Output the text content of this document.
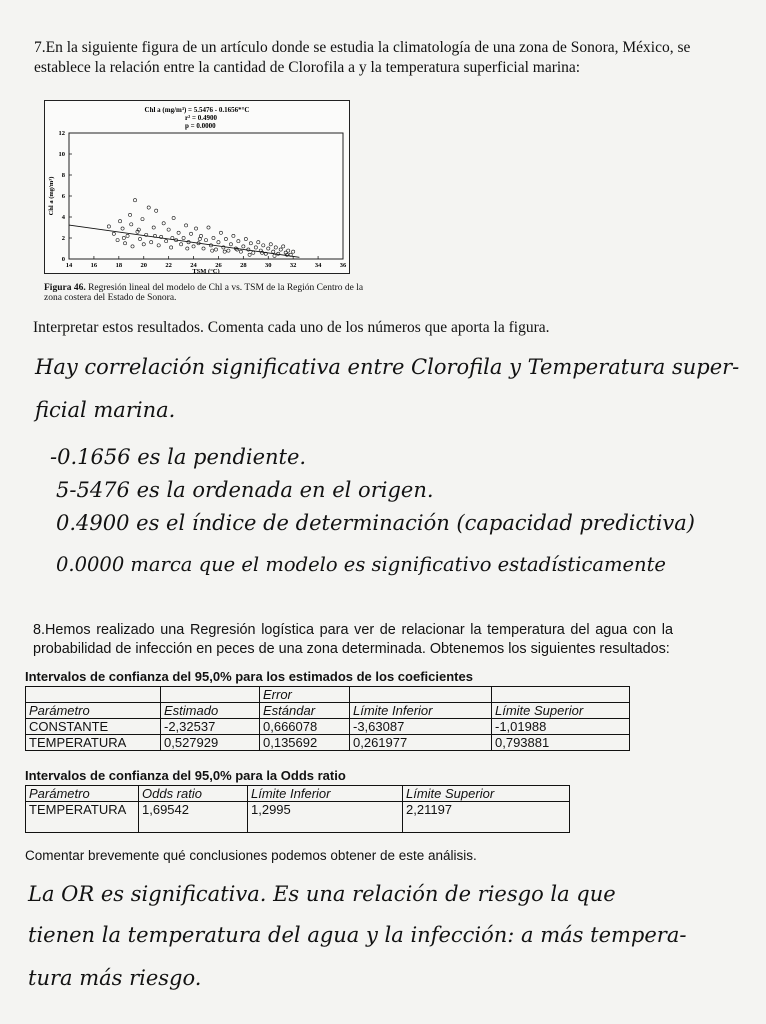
7.En la siguiente figura de un artículo donde se estudia la climatología de una zona de Sonora, México, se establece la relación entre la cantidad de Clorofila a y la temperatura superficial marina:
Chl a (mg/m³) = 5.5476 - 0.1656*°C
r² = 0.4900
p = 0.0000
14	16	18	20	22	24	26	28	30	32	34	36
0
2
4
6
8
10
12
TSM (°C)
Chl a (mg/m³)
Figura 46. Regresión lineal del modelo de Chl a vs. TSM de la Región Centro de la zona costera del Estado de Sonora.
Interpretar estos resultados. Comenta cada uno de los números que aporta la figura.
Hay correlación significativa entre Clorofila y Temperatura super-
ficial marina.
-0.1656 es la pendiente.
5-5476 es la ordenada en el origen.
0.4900 es el índice de determinación (capacidad predictiva)
0.0000 marca que el modelo es significativo estadísticamente
8.Hemos realizado una Regresión logística para ver de relacionar la temperatura del agua con la probabilidad de infección en peces de una zona determinada. Obtenemos los siguientes resultados:
Intervalos de confianza del 95,0% para los estimados de los coeficientes
		Error		
Parámetro	Estimado	Estándar	Límite Inferior	Límite Superior
CONSTANTE	-2,32537	0,666078	-3,63087	-1,01988
TEMPERATURA	0,527929	0,135692	0,261977	0,793881
Intervalos de confianza del 95,0% para la Odds ratio
Parámetro	Odds ratio	Límite Inferior	Límite Superior
TEMPERATURA	1,69542	1,2995	2,21197
Comentar brevemente qué conclusiones podemos obtener de este análisis.
La OR es significativa. Es una relación de riesgo la que
tienen la temperatura del agua y la infección: a más tempera-
tura más riesgo.
